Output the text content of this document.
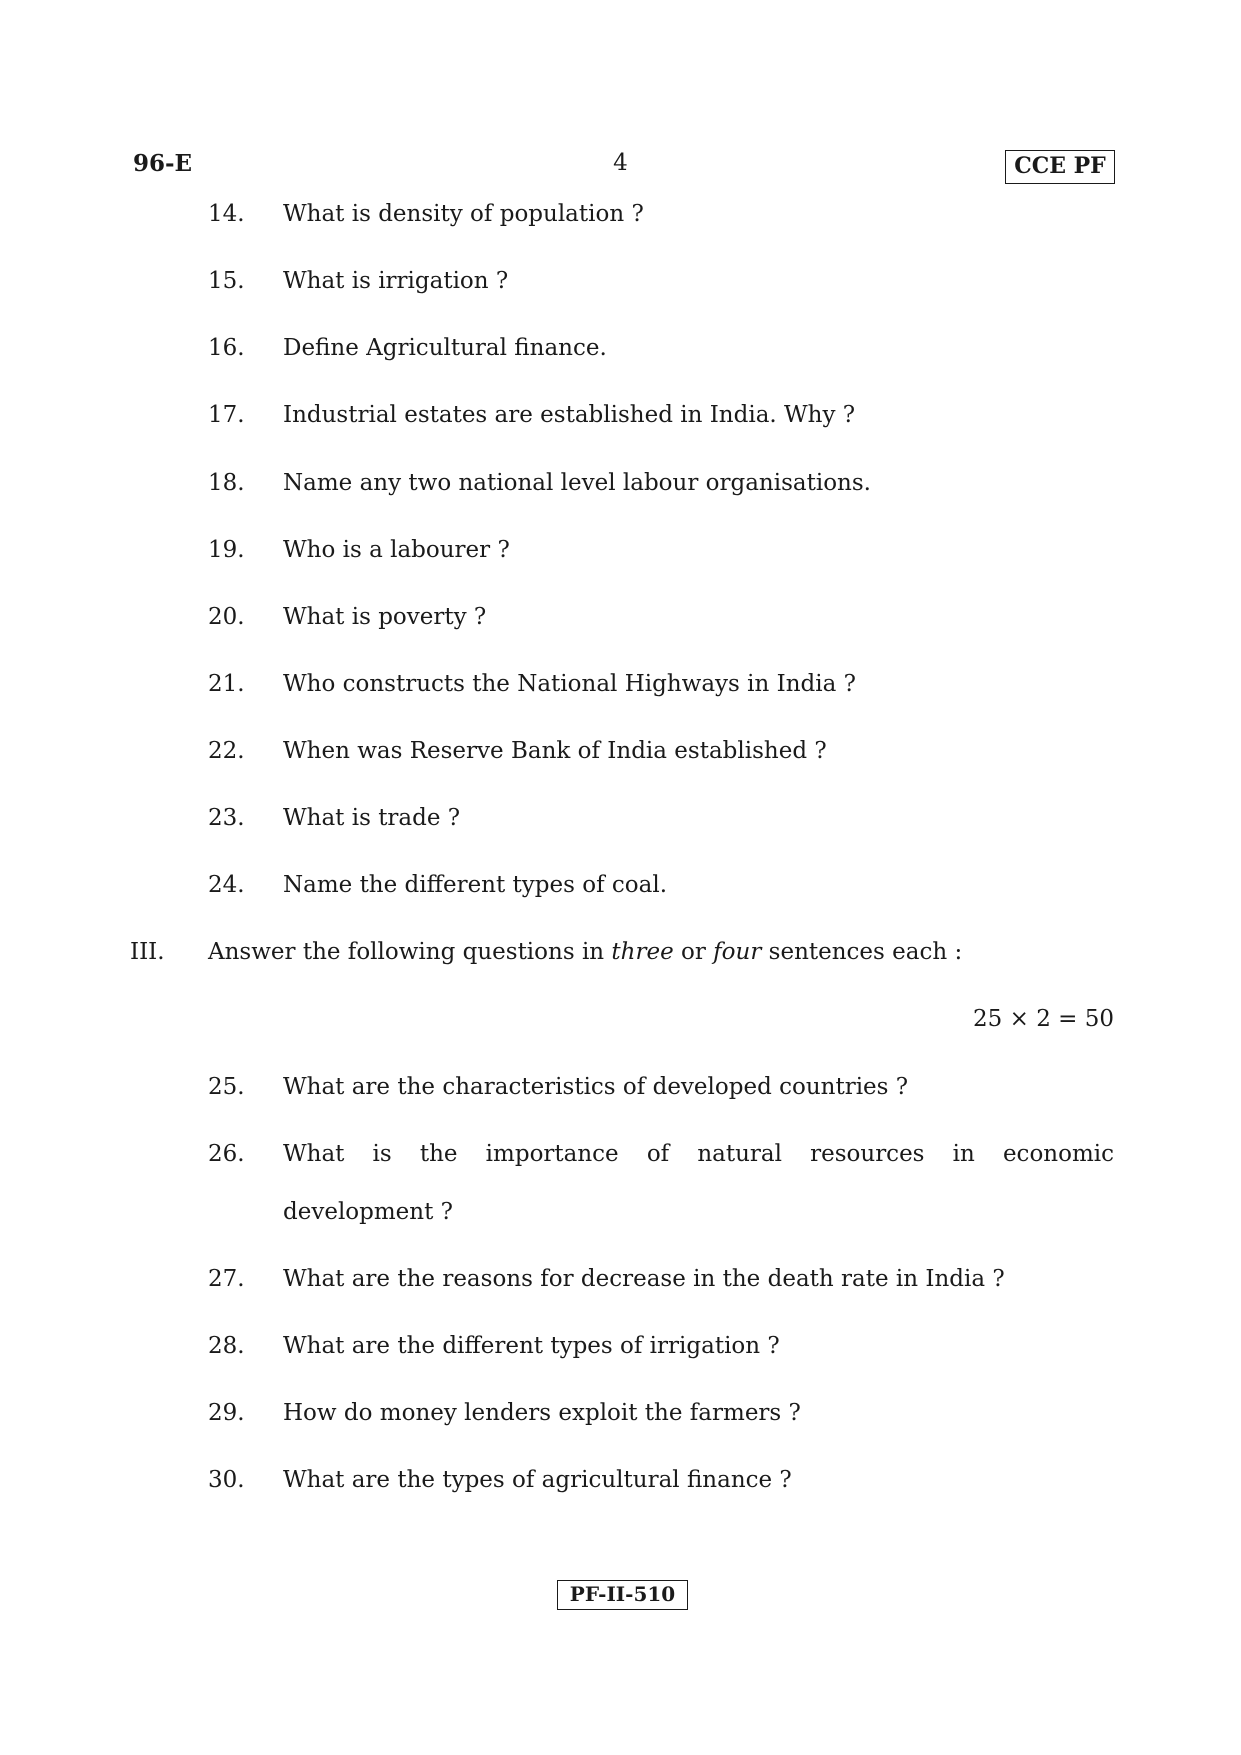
96-E	4	CCE PF
14. What is density of population ?
15. What is irrigation ?
16. Define Agricultural finance.
17. Industrial estates are established in India. Why ?
18. Name any two national level labour organisations.
19. Who is a labourer ?
20. What is poverty ?
21. Who constructs the National Highways in India ?
22. When was Reserve Bank of India established ?
23. What is trade ?
24. Name the different types of coal.
III. Answer the following questions in three or four sentences each :
25 × 2 = 50
25. What are the characteristics of developed countries ?
26. What is the importance of natural resources in economic
development ?
27. What are the reasons for decrease in the death rate in India ?
28. What are the different types of irrigation ?
29. How do money lenders exploit the farmers ?
30. What are the types of agricultural finance ?
PF-II-510
